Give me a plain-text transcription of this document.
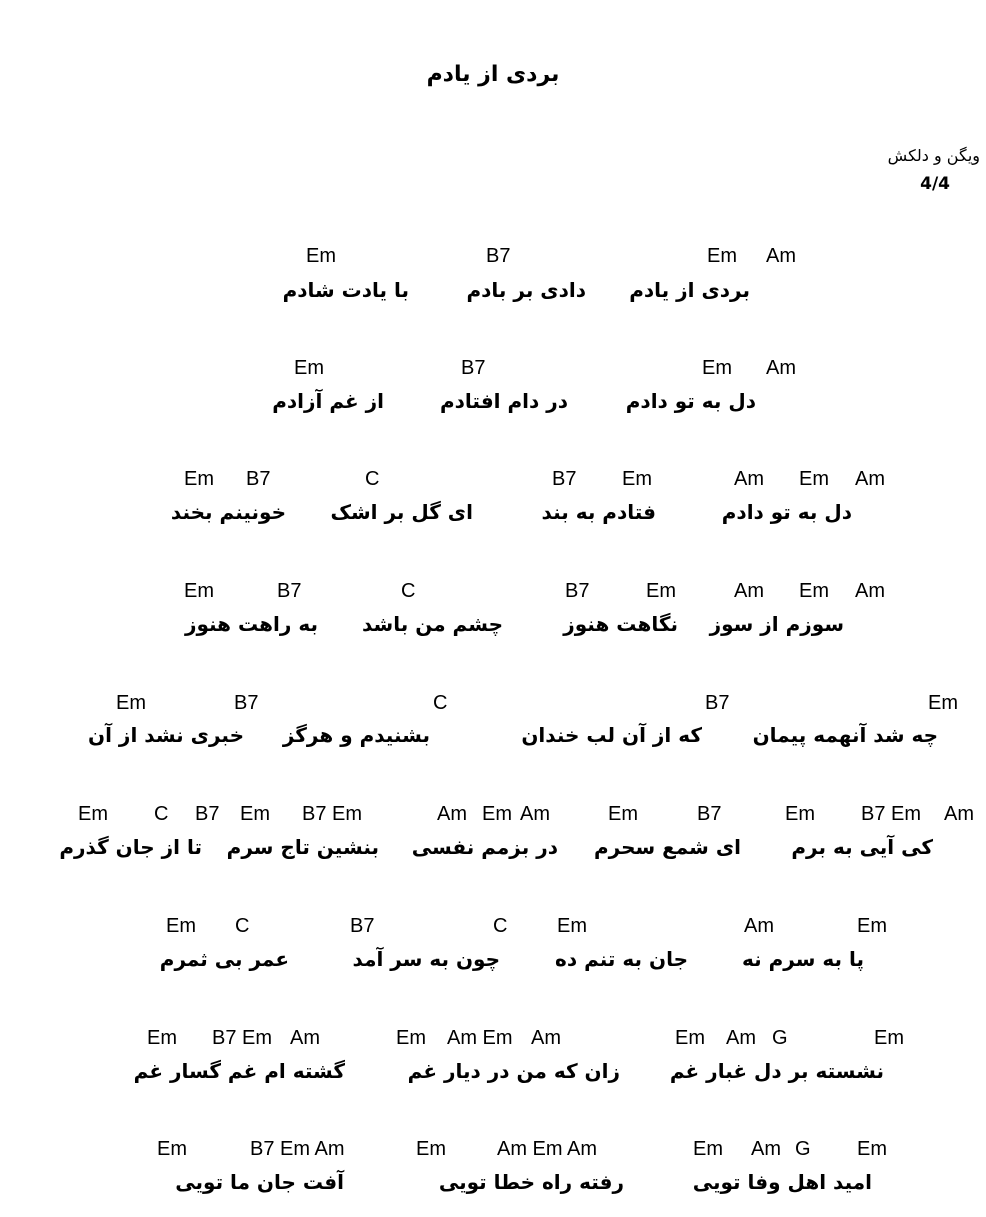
بردی از یادم
ویگن و دلکش
4/4
Em	B7	Em Am
بردی از یادم
دادی بر بادم
با یادت شادم
Em	B7	Em Am
دل به تو دادم
در دام افتادم
از غم آزادم
Em B7	C	B7 Em	Am Em Am
دل به تو دادم
فتادم به بند
ای گل بر اشک
خونینم بخند
Em	B7	C	B7	Em	Am Em Am
سوزم از سوز
نگاهت هنوز
چشم من باشد
به راهت هنوز
Em	B7	C	B7	Em
چه شد آنهمه پیمان
که از آن لب خندان
بشنیدم و هرگز
خبری نشد از آن
Em C B7 Em B7 Em	Am Em Am	Em	B7	Em B7 Em Am
کی آیی به برم
ای شمع سحرم
در بزمم نفسی
بنشین تاج سرم
تا از جان گذرم
Em C	B7	C Em	Am	Em
پا به سرم نه
جان به تنم ده
چون به سر آمد
عمر بی ثمرم
Em B7 Em Am	Em Am Em Am	Em Am G	Em
نشسته بر دل غبار غم
زان که من در دیار غم
گشته ام غم گسار غم
Em	B7 Em Am	Em	Am Em Am	Em Am G Em
امید اهل وفا تویی
رفته راه خطا تویی
آفت جان ما تویی
